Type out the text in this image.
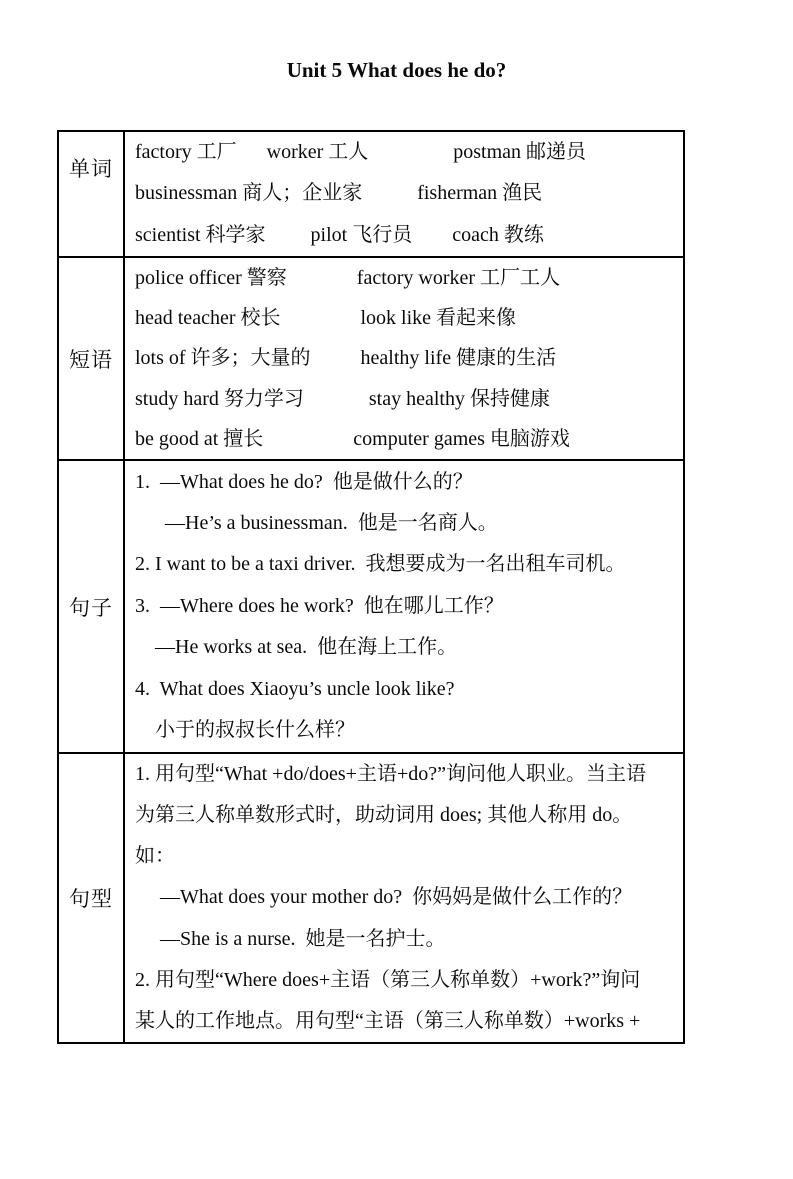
Unit 5 What does he do?
单词
factory 工厂      worker 工人                 postman 邮递员
businessman 商人；企业家           fisherman 渔民
scientist 科学家         pilot 飞行员        coach 教练
短语
police officer 警察              factory worker 工厂工人
head teacher 校长                look like 看起来像
lots of 许多；大量的          healthy life 健康的生活
study hard 努力学习             stay healthy 保持健康
be good at 擅长                  computer games 电脑游戏
句子
1.  —What does he do?  他是做什么的？
—He’s a businessman.  他是一名商人。
2. I want to be a taxi driver.  我想要成为一名出租车司机。
3.  —Where does he work?  他在哪儿工作？
—He works at sea.  他在海上工作。
4.  What does Xiaoyu’s uncle look like?
小于的叔叔长什么样？
句型
1. 用句型“What +do/does+主语+do?”询问他人职业。当主语
为第三人称单数形式时，助动词用 does; 其他人称用 do。
如：
—What does your mother do?  你妈妈是做什么工作的？
—She is a nurse.  她是一名护士。
2. 用句型“Where does+主语（第三人称单数）+work?”询问
某人的工作地点。用句型“主语（第三人称单数）+works +
